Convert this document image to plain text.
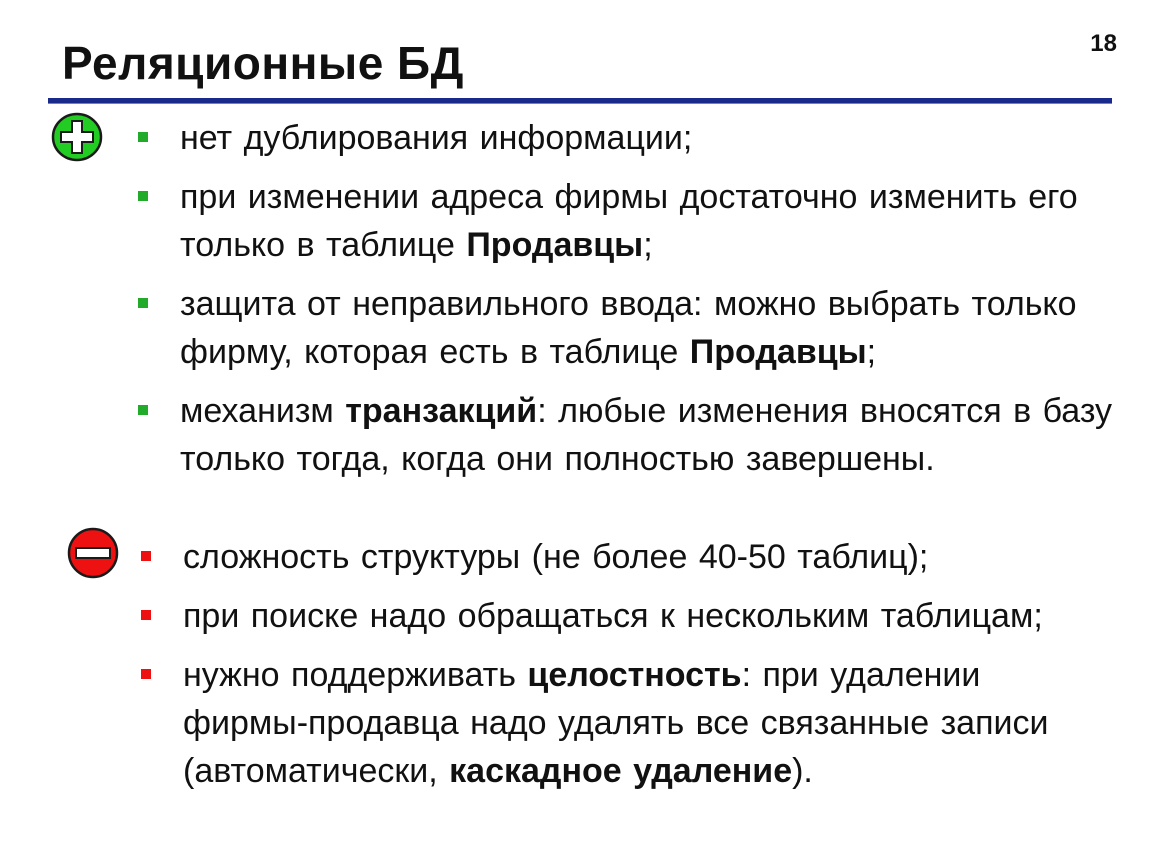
Реляционные БД	18
нет дублирования информации;
при изменении адреса фирмы достаточно изменить его только в таблице Продавцы;
защита от неправильного ввода: можно выбрать только фирму, которая есть в таблице Продавцы;
механизм транзакций: любые изменения вносятся в базу только тогда, когда они полностью завершены.
сложность структуры (не более 40-50 таблиц);
при поиске надо обращаться к нескольким таблицам;
нужно поддерживать целостность: при удалении фирмы-продавца надо удалять все связанные записи (автоматически, каскадное удаление).
